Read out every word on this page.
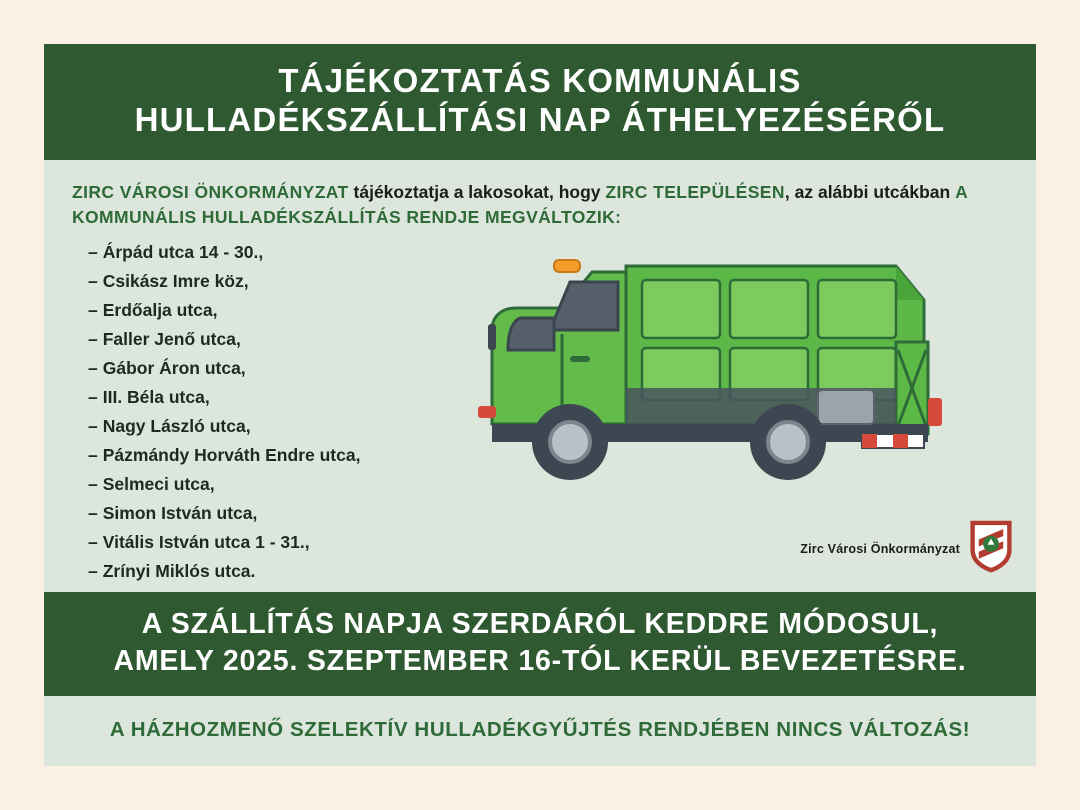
TÁJÉKOZTATÁS KOMMUNÁLIS
HULLADÉKSZÁLLÍTÁSI NAP ÁTHELYEZÉSÉRŐL
ZIRC VÁROSI ÖNKORMÁNYZAT tájékoztatja a lakosokat, hogy ZIRC TELEPÜLÉSEN, az alábbi utcákban A KOMMUNÁLIS HULLADÉKSZÁLLÍTÁS RENDJE MEGVÁLTOZIK:
– Árpád utca 14 - 30.,
– Csikász Imre köz,
– Erdőalja utca,
– Faller Jenő utca,
– Gábor Áron utca,
– III. Béla utca,
– Nagy László utca,
– Pázmándy Horváth Endre utca,
– Selmeci utca,
– Simon István utca,
– Vitális István utca 1 - 31.,
– Zrínyi Miklós utca.
Zirc Városi Önkormányzat
A SZÁLLÍTÁS NAPJA SZERDÁRÓL KEDDRE MÓDOSUL,
AMELY 2025. SZEPTEMBER 16-TÓL KERÜL BEVEZETÉSRE.
A HÁZHOZMENŐ SZELEKTÍV HULLADÉKGYŰJTÉS RENDJÉBEN NINCS VÁLTOZÁS!
